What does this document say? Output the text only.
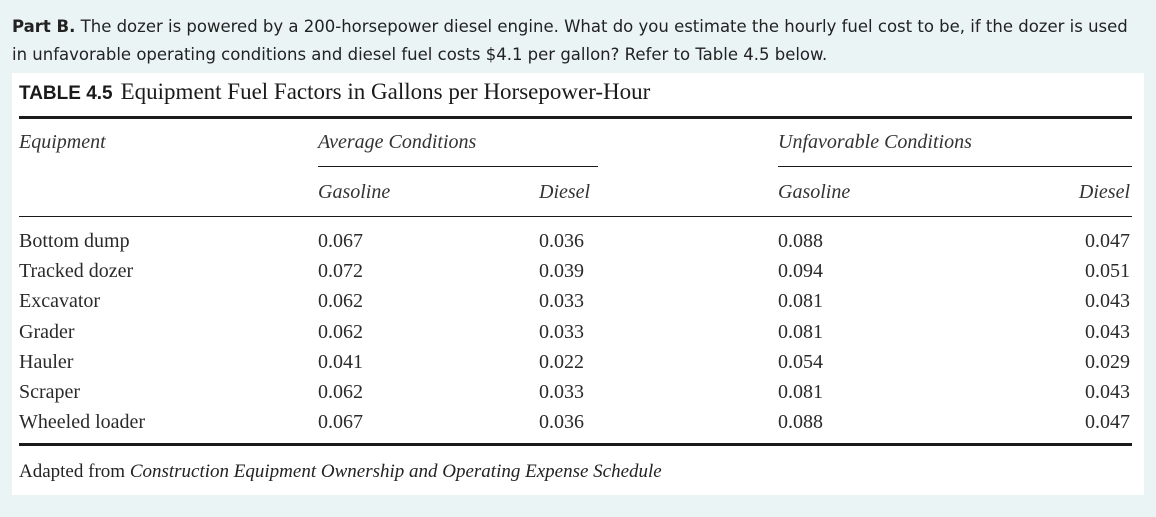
Part B. The dozer is powered by a 200-horsepower diesel engine. What do you estimate the hourly fuel cost to be, if the dozer is used in unfavorable operating conditions and diesel fuel costs $4.1 per gallon? Refer to Table 4.5 below.
TABLE 4.5 Equipment Fuel Factors in Gallons per Horsepower-Hour
Equipment	Average Conditions	Unfavorable Conditions
Gasoline	Diesel	Gasoline	Diesel
Bottom dump	0.067	0.036	0.088	0.047
Tracked dozer	0.072	0.039	0.094	0.051
Excavator	0.062	0.033	0.081	0.043
Grader	0.062	0.033	0.081	0.043
Hauler	0.041	0.022	0.054	0.029
Scraper	0.062	0.033	0.081	0.043
Wheeled loader	0.067	0.036	0.088	0.047
Adapted from Construction Equipment Ownership and Operating Expense Schedule
